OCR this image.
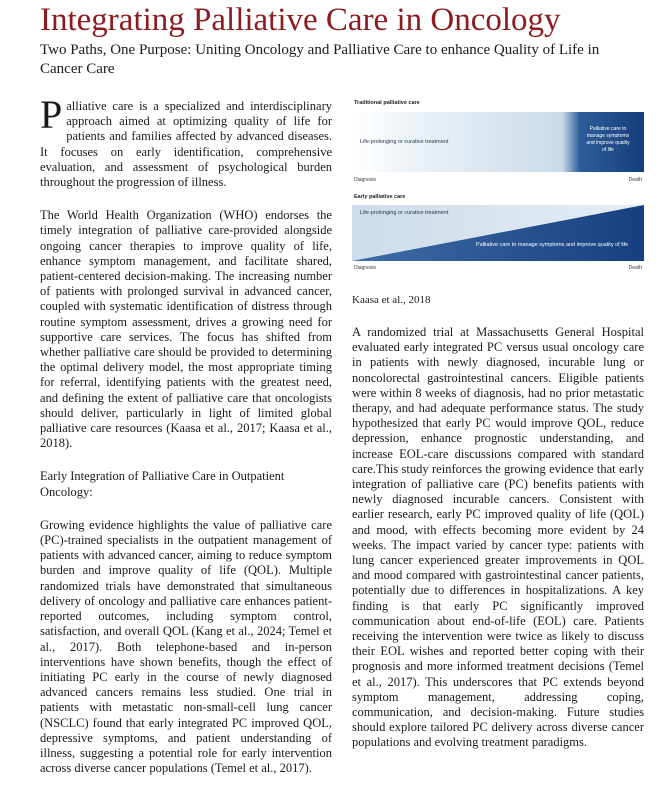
Integrating Palliative Care in Oncology
Two Paths, One Purpose: Uniting Oncology and Palliative Care to enhance Quality of Life in Cancer Care

Palliative care is a specialized and interdisciplinary approach aimed at optimizing quality of life for patients and families affected by advanced diseases. It focuses on early identification, comprehensive evaluation, and assessment of psychological burden throughout the progression of illness.

The World Health Organization (WHO) endorses the timely integration of palliative care-provided alongside ongoing cancer therapies to improve quality of life, enhance symptom management, and facilitate shared, patient-centered decision-making. The increasing number of patients with prolonged survival in advanced cancer, coupled with systematic identification of distress through routine symptom assessment, drives a growing need for supportive care services. The focus has shifted from whether palliative care should be provided to determining the optimal delivery model, the most appropriate timing for referral, identifying patients with the greatest need, and defining the extent of palliative care that oncologists should deliver, particularly in light of limited global palliative care resources (Kaasa et al., 2017; Kaasa et al., 2018).

Early Integration of Palliative Care in Outpatient Oncology:

Growing evidence highlights the value of palliative care (PC)-trained specialists in the outpatient management of patients with advanced cancer, aiming to reduce symptom burden and improve quality of life (QOL). Multiple randomized trials have demonstrated that simultaneous delivery of oncology and palliative care enhances patient-reported outcomes, including symptom control, satisfaction, and overall QOL (Kang et al., 2024; Temel et al., 2017). Both telephone-based and in-person interventions have shown benefits, though the effect of initiating PC early in the course of newly diagnosed advanced cancers remains less studied. One trial in patients with metastatic non-small-cell lung cancer (NSCLC) found that early integrated PC improved QOL, depressive symptoms, and patient understanding of illness, suggesting a potential role for early intervention across diverse cancer populations (Temel et al., 2017).

Traditional palliative care
Life-prolonging or curative treatment
Palliative care to
manage symptoms
and improve quality
of life
Diagnosis	Death
Early palliative care
Life-prolonging or curative treatment
Palliative care to manage symptoms and improve quality of life
Diagnosis	Death

Kaasa et al., 2018

A randomized trial at Massachusetts General Hospital evaluated early integrated PC versus usual oncology care in patients with newly diagnosed, incurable lung or noncolorectal gastrointestinal cancers. Eligible patients were within 8 weeks of diagnosis, had no prior metastatic therapy, and had adequate performance status. The study hypothesized that early PC would improve QOL, reduce depression, enhance prognostic understanding, and increase EOL-care discussions compared with standard care.This study reinforces the growing evidence that early integration of palliative care (PC) benefits patients with newly diagnosed incurable cancers. Consistent with earlier research, early PC improved quality of life (QOL) and mood, with effects becoming more evident by 24 weeks. The impact varied by cancer type: patients with lung cancer experienced greater improvements in QOL and mood compared with gastrointestinal cancer patients, potentially due to differences in hospitalizations. A key finding is that early PC significantly improved communication about end-of-life (EOL) care. Patients receiving the intervention were twice as likely to discuss their EOL wishes and reported better coping with their prognosis and more informed treatment decisions (Temel et al., 2017). This underscores that PC extends beyond symptom management, addressing coping, communication, and decision-making. Future studies should explore tailored PC delivery across diverse cancer populations and evolving treatment paradigms.
